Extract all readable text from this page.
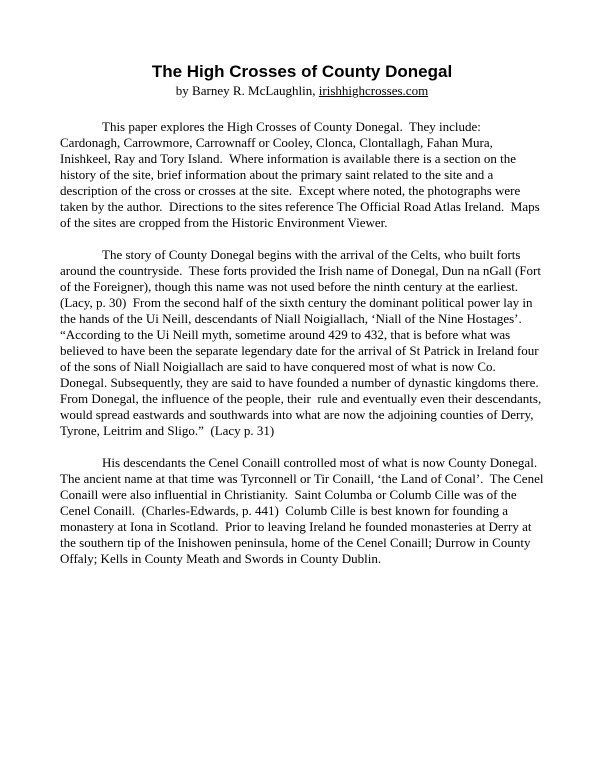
The High Crosses of County Donegal
by Barney R. McLaughlin, irishhighcrosses.com

This paper explores the High Crosses of County Donegal.  They include: Cardonagh, Carrowmore, Carrownaff or Cooley, Clonca, Clontallagh, Fahan Mura, Inishkeel, Ray and Tory Island.  Where information is available there is a section on the history of the site, brief information about the primary saint related to the site and a description of the cross or crosses at the site.  Except where noted, the photographs were taken by the author.  Directions to the sites reference The Official Road Atlas Ireland.  Maps of the sites are cropped from the Historic Environment Viewer.

The story of County Donegal begins with the arrival of the Celts, who built forts around the countryside.  These forts provided the Irish name of Donegal, Dun na nGall (Fort of the Foreigner), though this name was not used before the ninth century at the earliest.  (Lacy, p. 30)  From the second half of the sixth century the dominant political power lay in the hands of the Ui Neill, descendants of Niall Noigiallach, ‘Niall of the Nine Hostages’.  “According to the Ui Neill myth, sometime around 429 to 432, that is before what was believed to have been the separate legendary date for the arrival of St Patrick in Ireland four of the sons of Niall Noigiallach are said to have conquered most of what is now Co. Donegal. Subsequently, they are said to have founded a number of dynastic kingdoms there. From Donegal, the influence of the people, their  rule and eventually even their descendants, would spread eastwards and southwards into what are now the adjoining counties of Derry, Tyrone, Leitrim and Sligo.”  (Lacy p. 31)

His descendants the Cenel Conaill controlled most of what is now County Donegal.  The ancient name at that time was Tyrconnell or Tir Conaill, ‘the Land of Conal’.  The Cenel Conaill were also influential in Christianity.  Saint Columba or Columb Cille was of the Cenel Conaill.  (Charles-Edwards, p. 441)  Columb Cille is best known for founding a monastery at Iona in Scotland.  Prior to leaving Ireland he founded monasteries at Derry at the southern tip of the Inishowen peninsula, home of the Cenel Conaill; Durrow in County Offaly; Kells in County Meath and Swords in County Dublin.
